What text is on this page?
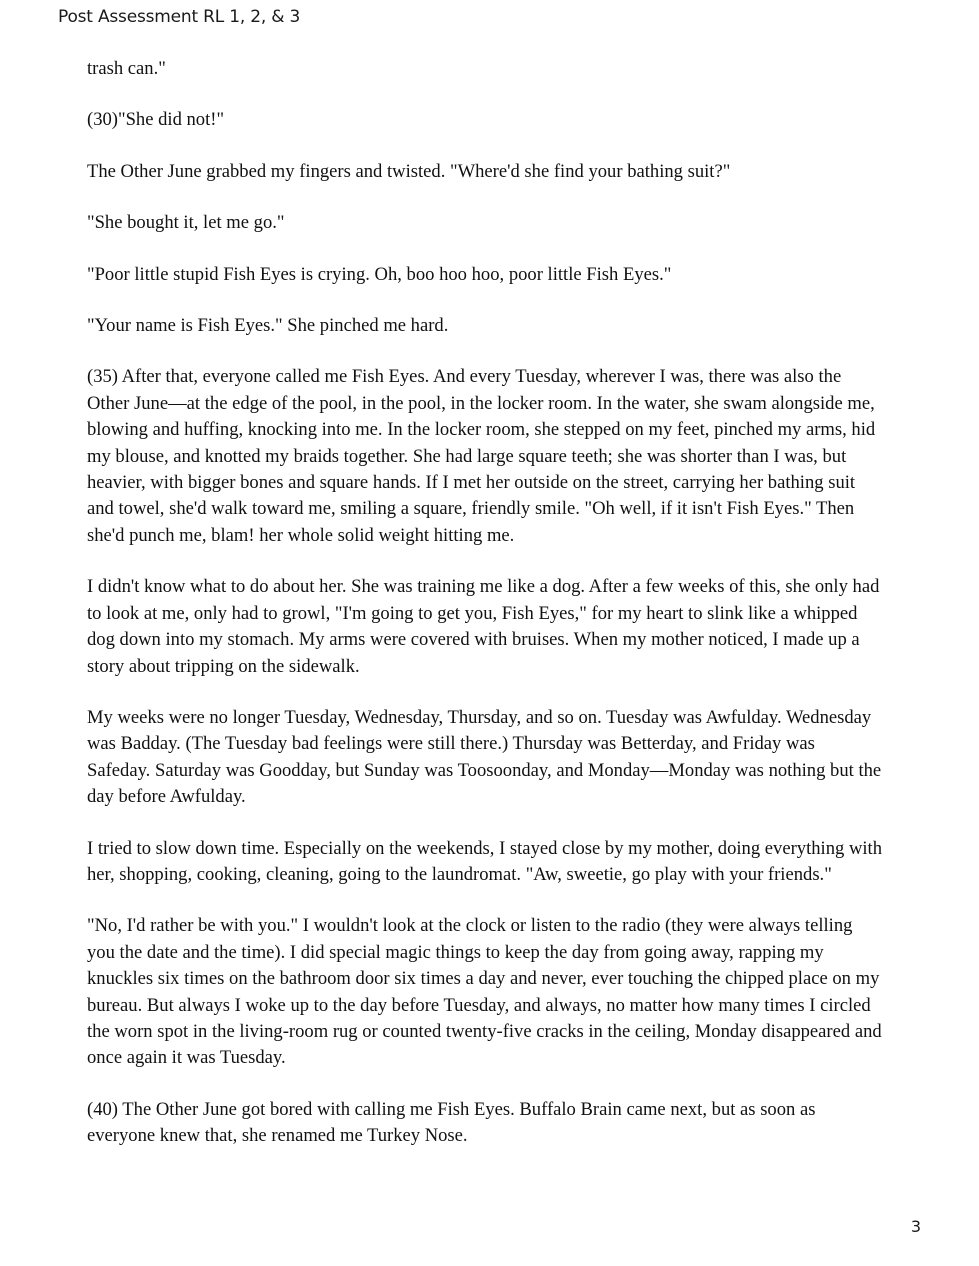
Post Assessment RL 1, 2, & 3

trash can."

(30)"She did not!"

The Other June grabbed my fingers and twisted. "Where'd she find your bathing suit?"

"She bought it, let me go."

"Poor little stupid Fish Eyes is crying. Oh, boo hoo hoo, poor little Fish Eyes."

"Your name is Fish Eyes." She pinched me hard.

(35) After that, everyone called me Fish Eyes. And every Tuesday, wherever I was, there was also the Other June—at the edge of the pool, in the pool, in the locker room. In the water, she swam alongside me, blowing and huffing, knocking into me. In the locker room, she stepped on my feet, pinched my arms, hid my blouse, and knotted my braids together. She had large square teeth; she was shorter than I was, but heavier, with bigger bones and square hands. If I met her outside on the street, carrying her bathing suit and towel, she'd walk toward me, smiling a square, friendly smile. "Oh well, if it isn't Fish Eyes." Then she'd punch me, blam! her whole solid weight hitting me.

I didn't know what to do about her. She was training me like a dog. After a few weeks of this, she only had to look at me, only had to growl, "I'm going to get you, Fish Eyes," for my heart to slink like a whipped dog down into my stomach. My arms were covered with bruises. When my mother noticed, I made up a story about tripping on the sidewalk.

My weeks were no longer Tuesday, Wednesday, Thursday, and so on. Tuesday was Awfulday. Wednesday was Badday. (The Tuesday bad feelings were still there.) Thursday was Betterday, and Friday was Safeday. Saturday was Goodday, but Sunday was Toosoonday, and Monday—Monday was nothing but the day before Awfulday.

I tried to slow down time. Especially on the weekends, I stayed close by my mother, doing everything with her, shopping, cooking, cleaning, going to the laundromat. "Aw, sweetie, go play with your friends."

"No, I'd rather be with you." I wouldn't look at the clock or listen to the radio (they were always telling you the date and the time). I did special magic things to keep the day from going away, rapping my knuckles six times on the bathroom door six times a day and never, ever touching the chipped place on my bureau. But always I woke up to the day before Tuesday, and always, no matter how many times I circled the worn spot in the living-room rug or counted twenty-five cracks in the ceiling, Monday disappeared and once again it was Tuesday.

(40) The Other June got bored with calling me Fish Eyes. Buffalo Brain came next, but as soon as everyone knew that, she renamed me Turkey Nose.

3
